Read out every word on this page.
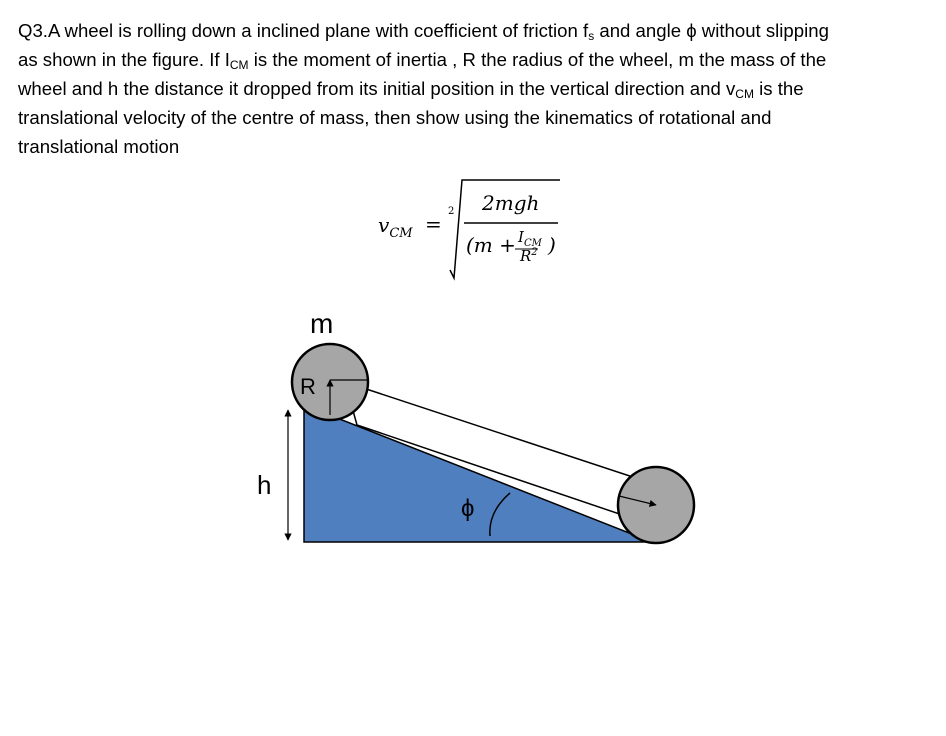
Q3.A wheel is rolling down a inclined plane with coefficient of friction $f_s$ and angle ϕ without slipping
as shown in the figure. If $I_{CM}$ is the moment of inertia , R the radius of the wheel, m the mass of the
wheel and h the distance it dropped from its initial position in the vertical direction and $v_{CM}$ is the
translational velocity of the centre of mass, then show using the kinematics of rotational and
translational motion
$v_{CM}$ =
2 2mgh
($m + I_{CM}$
$R^2$ )
m
R
h
ϕ
